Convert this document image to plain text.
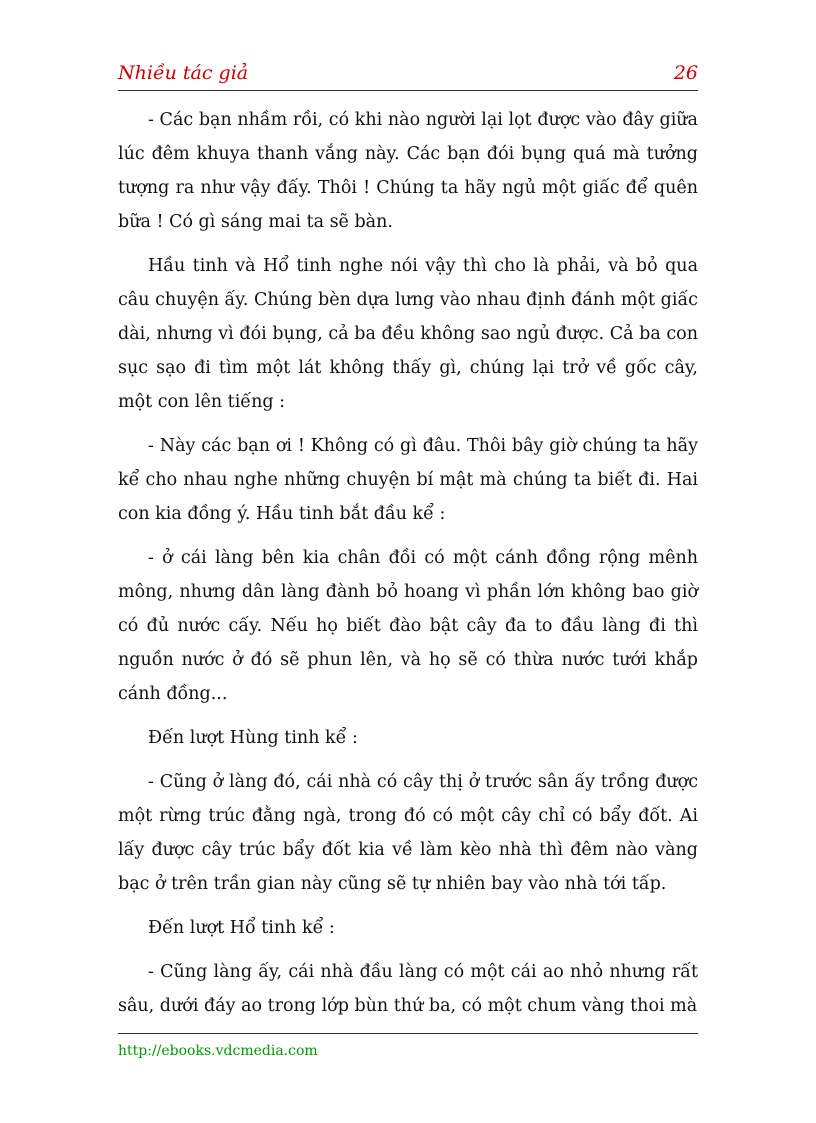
Nhiều tác giả	26

- Các bạn nhầm rồi, có khi nào người lại lọt được vào đây giữa lúc đêm khuya thanh vắng này. Các bạn đói bụng quá mà tưởng tượng ra như vậy đấy. Thôi ! Chúng ta hãy ngủ một giấc để quên bữa ! Có gì sáng mai ta sẽ bàn.

Hầu tinh và Hổ tinh nghe nói vậy thì cho là phải, và bỏ qua câu chuyện ấy. Chúng bèn dựa lưng vào nhau định đánh một giấc dài, nhưng vì đói bụng, cả ba đều không sao ngủ được. Cả ba con sục sạo đi tìm một lát không thấy gì, chúng lại trở về gốc cây, một con lên tiếng :

- Này các bạn ơi ! Không có gì đâu. Thôi bây giờ chúng ta hãy kể cho nhau nghe những chuyện bí mật mà chúng ta biết đi. Hai con kia đồng ý. Hầu tinh bắt đầu kể :

- ở cái làng bên kia chân đồi có một cánh đồng rộng mênh mông, nhưng dân làng đành bỏ hoang vì phần lớn không bao giờ có đủ nước cấy. Nếu họ biết đào bật cây đa to đầu làng đi thì nguồn nước ở đó sẽ phun lên, và họ sẽ có thừa nước tưới khắp cánh đồng...

Đến lượt Hùng tinh kể :

- Cũng ở làng đó, cái nhà có cây thị ở trước sân ấy trồng được một rừng trúc đằng ngà, trong đó có một cây chỉ có bẩy đốt. Ai lấy được cây trúc bẩy đốt kia về làm kèo nhà thì đêm nào vàng bạc ở trên trần gian này cũng sẽ tự nhiên bay vào nhà tới tấp.

Đến lượt Hổ tinh kể :

- Cũng làng ấy, cái nhà đầu làng có một cái ao nhỏ nhưng rất sâu, dưới đáy ao trong lớp bùn thứ ba, có một chum vàng thoi mà

http://ebooks.vdcmedia.com
